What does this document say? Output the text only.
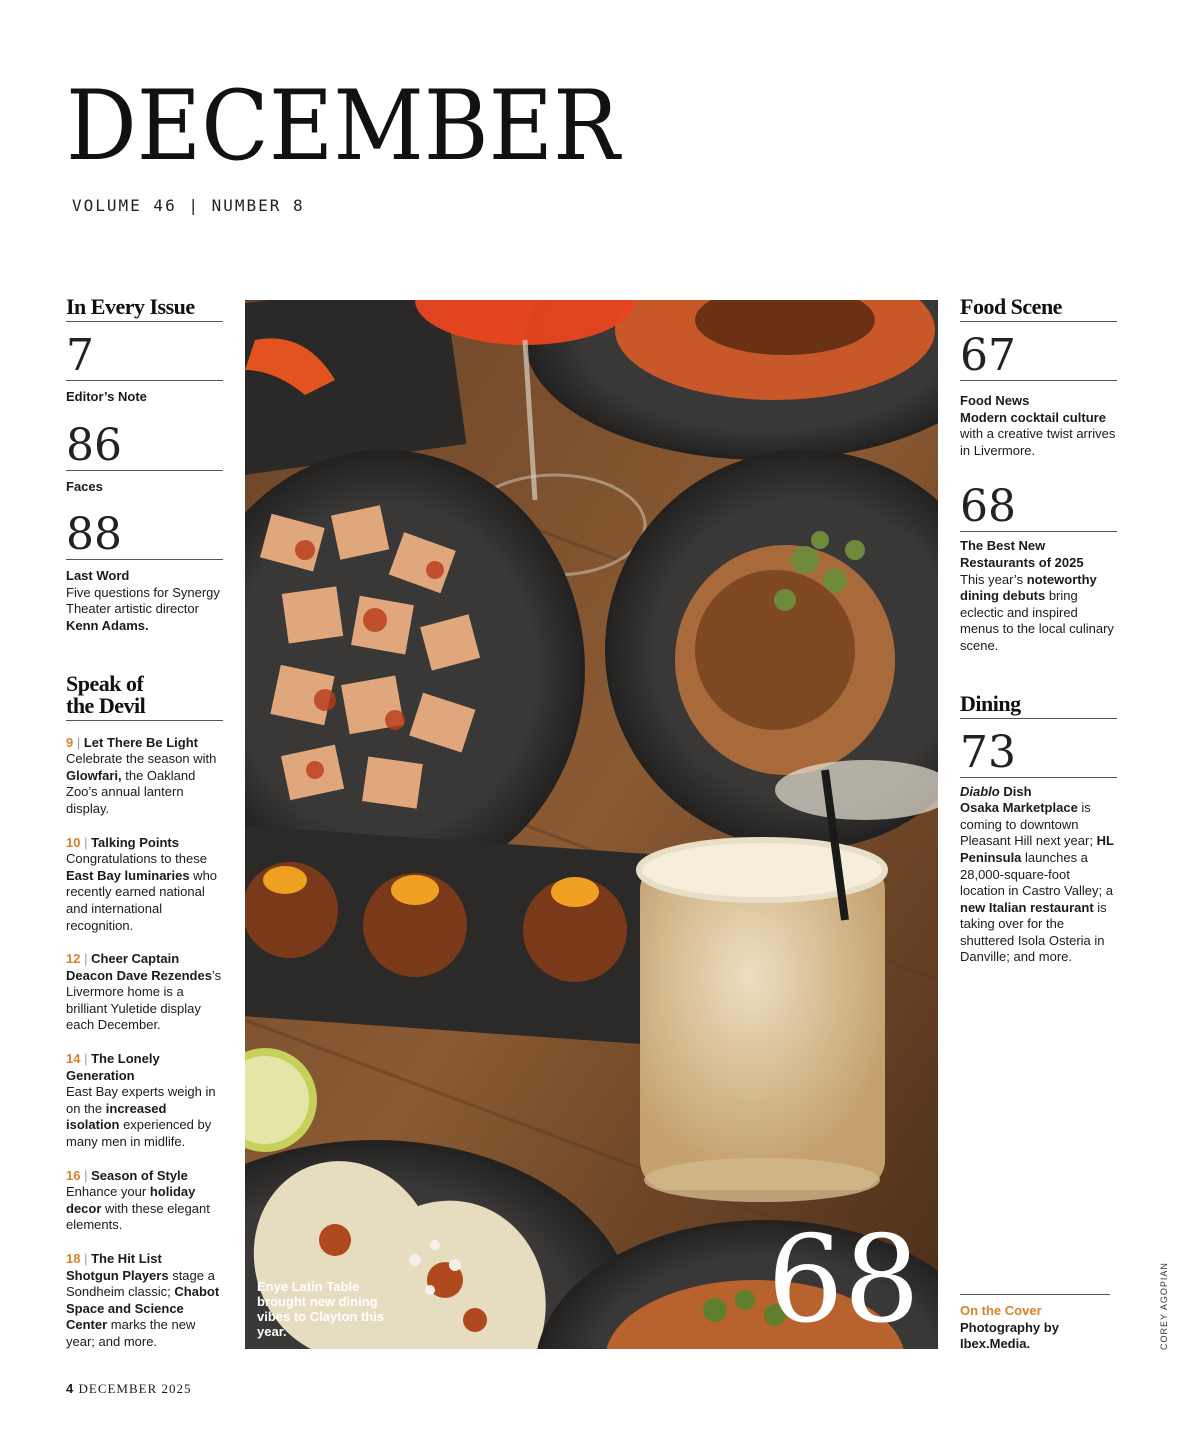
DECEMBER
VOLUME 46 | NUMBER 8
In Every Issue
7
Editor’s Note
86
Faces
88
Last Word
Five questions for Synergy Theater artistic director Kenn Adams.
Speak of
the Devil
9 | Let There Be Light
Celebrate the season with Glowfari, the Oakland Zoo’s annual lantern display.
10 | Talking Points
Congratulations to these East Bay luminaries who recently earned national and international recognition.
12 | Cheer Captain
Deacon Dave Rezendes’s Livermore home is a brilliant Yuletide display each December.
14 | The Lonely Generation
East Bay experts weigh in on the increased isolation experienced by many men in midlife.
16 | Season of Style
Enhance your holiday decor with these elegant elements.
18 | The Hit List
Shotgun Players stage a Sondheim classic; Chabot Space and Science Center marks the new year; and more.
Enye Latin Table brought new dining vibes to Clayton this year.	68
Food Scene
67
Food News
Modern cocktail culture
with a creative twist arrives in Livermore.
68
The Best New Restaurants of 2025
This year’s noteworthy dining debuts bring eclectic and inspired menus to the local culinary scene.
Dining
73
Diablo Dish
Osaka Marketplace is coming to downtown Pleasant Hill next year; HL Peninsula launches a 28,000-square-foot location in Castro Valley; a new Italian restaurant is taking over for the shuttered Isola Osteria in Danville; and more.
On the Cover
Photography by Ibex.Media.	COREY AGOPIAN
4 DECEMBER 2025
